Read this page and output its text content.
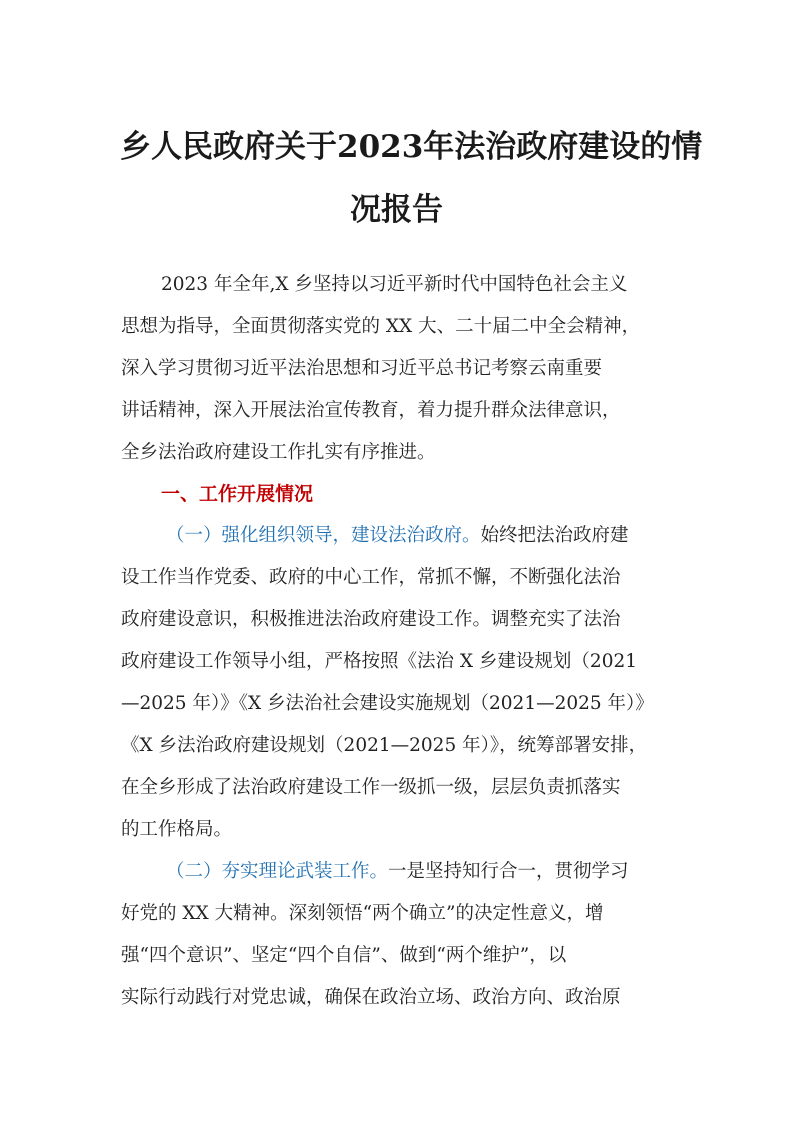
乡人民政府关于2023年法治政府建设的情
况报告

2023 年全年,X 乡坚持以习近平新时代中国特色社会主义

思想为指导，全面贯彻落实党的 XX 大、二十届二中全会精神，

深入学习贯彻习近平法治思想和习近平总书记考察云南重要

讲话精神，深入开展法治宣传教育，着力提升群众法律意识，

全乡法治政府建设工作扎实有序推进。

一、工作开展情况

（一）强化组织领导，建设法治政府。始终把法治政府建

设工作当作党委、政府的中心工作，常抓不懈，不断强化法治

政府建设意识，积极推进法治政府建设工作。调整充实了法治

政府建设工作领导小组，严格按照《法治 X 乡建设规划（2021

—2025 年）》《X 乡法治社会建设实施规划（2021—2025 年）》

《X 乡法治政府建设规划（2021—2025 年）》，统筹部署安排，

在全乡形成了法治政府建设工作一级抓一级，层层负责抓落实

的工作格局。

（二）夯实理论武装工作。一是坚持知行合一，贯彻学习

好党的 XX 大精神。深刻领悟“两个确立”的决定性意义，增

强“四个意识”、坚定“四个自信”、做到“两个维护”，以

实际行动践行对党忠诚，确保在政治立场、政治方向、政治原
